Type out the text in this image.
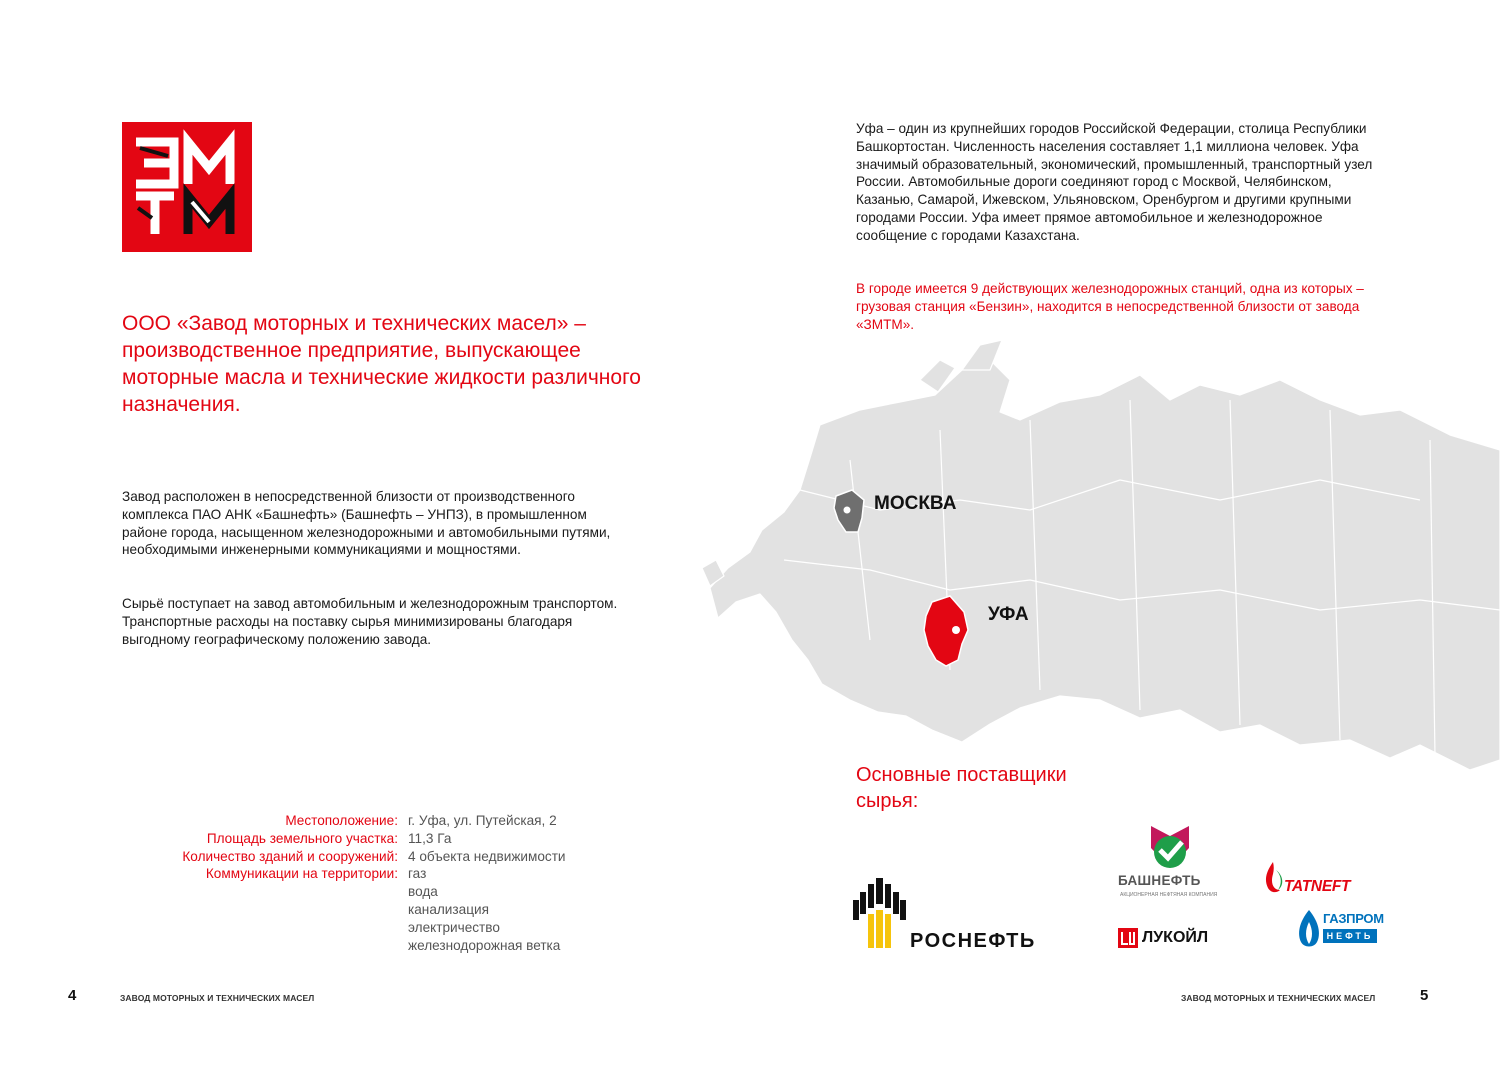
ООО «Завод моторных и технических масел» – производственное предприятие, выпускающее моторные масла и технические жидкости различного назначения.

Завод расположен в непосредственной близости от производственного комплекса ПАО АНК «Башнефть» (Башнефть – УНПЗ), в промышленном районе города, насыщенном железнодорожными и автомобильными путями, необходимыми инженерными коммуникациями и мощностями.

Сырьё поступает на завод автомобильным и железнодорожным транспортом. Транспортные расходы на поставку сырья минимизированы благодаря выгодному географическому положению завода.

Местоположение: г. Уфа, ул. Путейская, 2
Площадь земельного участка: 11,3 Га
Количество зданий и сооружений: 4 объекта недвижимости
Коммуникации на территории: газ
вода
канализация
электричество
железнодорожная ветка
4	ЗАВОД МОТОРНЫХ И ТЕХНИЧЕСКИХ МАСЕЛ

Уфа – один из крупнейших городов Российской Федерации, столица Республики Башкортостан. Численность населения составляет 1,1 миллиона человек. Уфа значимый образовательный, экономический, промышленный, транспортный узел России. Автомобильные дороги соединяют город с Москвой, Челябинском, Казанью, Самарой, Ижевском, Ульяновском, Оренбургом и другими крупными городами России. Уфа имеет прямое автомобильное и железнодорожное сообщение с городами Казахстана.

В городе имеется 9 действующих железнодорожных станций, одна из которых – грузовая станция «Бензин», находится в непосредственной близости от завода «ЗМТМ».

МОСКВА
УФА
Основные поставщики сырья:
РОСНЕФТЬ
БАШНЕФТЬ
АКЦИОНЕРНАЯ НЕФТЯНАЯ КОМПАНИЯ
ЛУКОЙЛ
TATNEFT
ГАЗПРОМ
НЕФТЬ
ЗАВОД МОТОРНЫХ И ТЕХНИЧЕСКИХ МАСЕЛ	5
